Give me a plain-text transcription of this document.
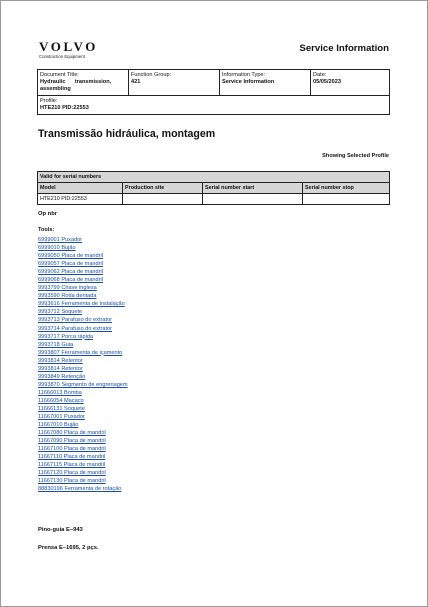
VOLVO
Construction Equipment
Service Information
Document Title:
Hydraulic      transmission,
assembling

Function Group:
421

Information Type:
Service Information

Date:
05/05/2023

Profile:
HTE210 PID:22553
Transmissão hidráulica, montagem
Showing Selected Profile
Valid for serial numbers			
Model	Production site	Serial number start	Serial number stop
HTE210 PID:22553			
Op nbr
Tools:
6999001 Puxador
6999010 Bujão
6999050 Placa de mandril
6999057 Placa de mandril
6999062 Placa de mandril
6999068 Placa de mandril
9993799 Chave inglesa
9993590 Roda dentada
9993616 Ferramenta de instalação
9993712 Soquete
9993713 Parafuso do extrator
9993714 Parafuso do extrator
9993717 Porca rápida
9993718 Guia
9993807 Ferramenta de içamento
9993814 Retentor
9993814 Retentor
9993849 Retenção
9993870 Segmento de engrenagem
11666013 Bomba
11666054 Macaco
11666131 Soquete
11667001 Puxador
11667010 Bujão
11667080 Placa de mandril
11667090 Placa de mandril
11667100 Placa de mandril
11667110 Placa de mandril
11667115 Placa de mandril
11667120 Placa de mandril
11667130 Placa de mandril
88830196 Ferramenta de rotação
Pino-guia E–943
Prensa E–1695, 2 pçs.
